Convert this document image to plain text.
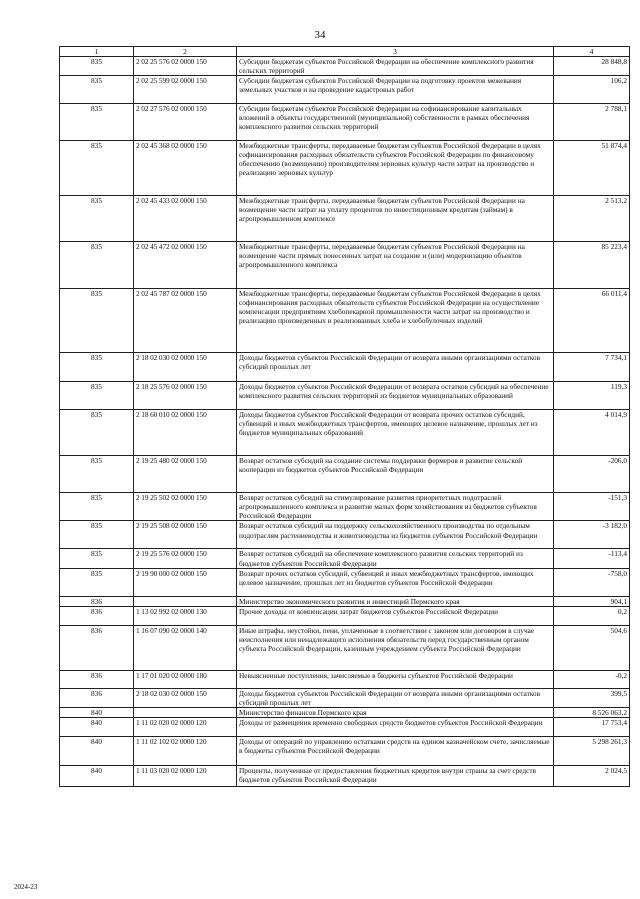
34
1	2	3	4
835	2 02 25 576 02 0000 150	Субсидии бюджетам субъектов Российской Федерации на обеспечение комплексного развития сельских территорий	28 848,8
835	2 02 25 599 02 0000 150	Субсидии бюджетам субъектов Российской Федерации на подготовку проектов межевания земельных участков и на проведение кадастровых работ	106,2
835	2 02 27 576 02 0000 150	Субсидии бюджетам субъектов Российской Федерации на софинансирование капитальных вложений в объекты государственной (муниципальной) собственности в рамках обеспечения комплексного развития сельских территорий	2 788,1
835	2 02 45 368 02 0000 150	Межбюджетные трансферты, передаваемые бюджетам субъектов Российской Федерации в целях софинансирования расходных обязательств субъектов Российской Федерации по финансовому обеспечению (возмещению) производителям зерновых культур части затрат на производство и реализацию зерновых культур	51 874,4
835	2 02 45 433 02 0000 150	Межбюджетные трансферты, передаваемые бюджетам субъектов Российской Федерации на возмещение части затрат на уплату процентов по инвестиционным кредитам (займам) в агропромышленном комплексе	2 513,2
835	2 02 45 472 02 0000 150	Межбюджетные трансферты, передаваемые бюджетам субъектов Российской Федерации на возмещение части прямых понесенных затрат на создание и (или) модернизацию объектов агропромышленного комплекса	85 223,4
835	2 02 45 787 02 0000 150	Межбюджетные трансферты, передаваемые бюджетам субъектов Российской Федерации в целях софинансирования расходных обязательств субъектов Российской Федерации на осуществление компенсации предприятиям хлебопекарной промышленности части затрат на производство и реализацию произведенных и реализованных хлеба и хлебобулочных изделий	66 011,4
835	2 18 02 030 02 0000 150	Доходы бюджетов субъектов Российской Федерации от возврата иными организациями остатков субсидий прошлых лет	7 734,1
835	2 18 25 576 02 0000 150	Доходы бюджетов субъектов Российской Федерации от возврата остатков субсидий на обеспечение комплексного развития сельских территорий из бюджетов муниципальных образований	119,3
835	2 18 60 010 02 0000 150	Доходы бюджетов субъектов Российской Федерации от возврата прочих остатков субсидий, субвенций и иных межбюджетных трансфертов, имеющих целевое назначение, прошлых лет из бюджетов муниципальных образований	4 014,9
835	2 19 25 480 02 0000 150	Возврат остатков субсидий на создание системы поддержки фермеров и развитие сельской кооперации из бюджетов субъектов Российской Федерации	-206,0
835	2 19 25 502 02 0000 150	Возврат остатков субсидий на стимулирование развития приоритетных подотраслей агропромышленного комплекса и развитие малых форм хозяйствования из бюджетов субъектов Российской Федерации	-151,3
835	2 19 25 508 02 0000 150	Возврат остатков субсидий на поддержку сельскохозяйственного производства по отдельным подотраслям растениеводства и животноводства из бюджетов субъектов Российской Федерации	-3 182,0
835	2 19 25 576 02 0000 150	Возврат остатков субсидий на обеспечение комплексного развития сельских территорий из бюджетов субъектов Российской Федерации	-113,4
835	2 19 90 000 02 0000 150	Возврат прочих остатков субсидий, субвенций и иных межбюджетных трансфертов, имеющих целевое назначение, прошлых лет из бюджетов субъектов Российской Федерации	-758,0
836		Министерство экономического развития и инвестиций Пермского края	904,1
836	1 13 02 992 02 0000 130	Прочие доходы от компенсации затрат бюджетов субъектов Российской Федерации	0,2
836	1 16 07 090 02 0000 140	Иные штрафы, неустойки, пени, уплаченные в соответствии с законом или договором в случае неисполнения или ненадлежащего исполнения обязательств перед государственным органом субъекта Российской Федерации, казенным учреждением субъекта Российской Федерации	504,6
836	1 17 01 020 02 0000 180	Невыясненные поступления, зачисляемые в бюджеты субъектов Российской Федерации	-0,2
836	2 18 02 030 02 0000 150	Доходы бюджетов субъектов Российской Федерации от возврата иными организациями остатков субсидий прошлых лет	399,5
840		Министерство финансов Пермского края	8 526 063,2
840	1 11 02 020 02 0000 120	Доходы от размещения временно свободных средств бюджетов субъектов Российской Федерации	17 753,4
840	1 11 02 102 02 0000 120	Доходы от операций по управлению остатками средств на едином казначейском счете, зачисляемые в бюджеты субъектов Российской Федерации	5 298 261,3
840	1 11 03 020 02 0000 120	Проценты, полученные от предоставления бюджетных кредитов внутри страны за счет средств бюджетов субъектов Российской Федерации	2 024,5
2024-23
